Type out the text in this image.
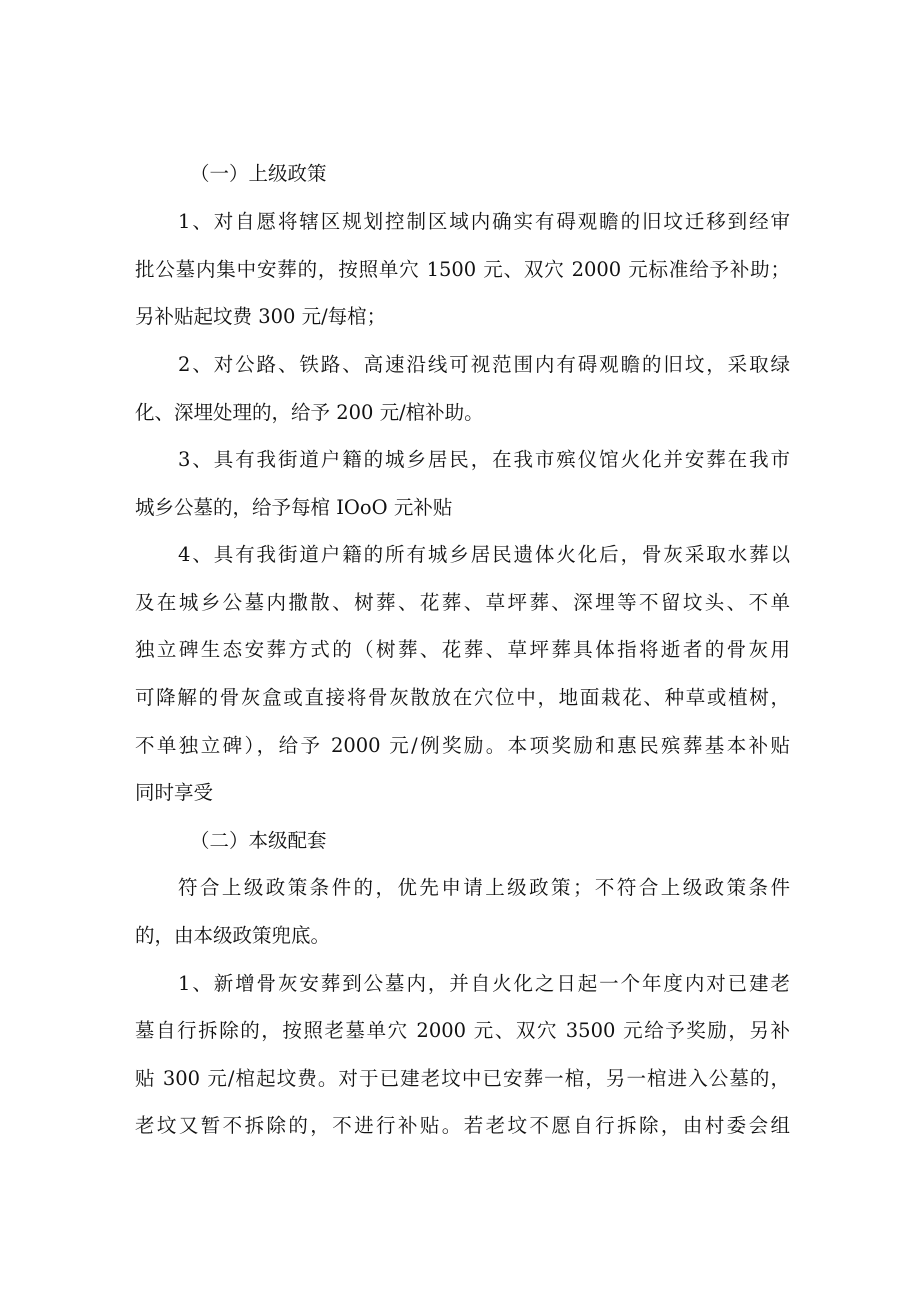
（一）上级政策
1、对自愿将辖区规划控制区域内确实有碍观瞻的旧坟迁移到经审
批公墓内集中安葬的，按照单穴 1500 元、双穴 2000 元标准给予补助；
另补贴起坟费 300 元/每棺；
2、对公路、铁路、高速沿线可视范围内有碍观瞻的旧坟，采取绿
化、深埋处理的，给予 200 元/棺补助。
3、具有我街道户籍的城乡居民，在我市殡仪馆火化并安葬在我市
城乡公墓的，给予每棺 IOoO 元补贴
4、具有我街道户籍的所有城乡居民遗体火化后，骨灰采取水葬以
及在城乡公墓内撒散、树葬、花葬、草坪葬、深埋等不留坟头、不单
独立碑生态安葬方式的（树葬、花葬、草坪葬具体指将逝者的骨灰用
可降解的骨灰盒或直接将骨灰散放在穴位中，地面栽花、种草或植树，
不单独立碑），给予 2000 元/例奖励。本项奖励和惠民殡葬基本补贴
同时享受
（二）本级配套
符合上级政策条件的，优先申请上级政策；不符合上级政策条件
的，由本级政策兜底。
1、新增骨灰安葬到公墓内，并自火化之日起一个年度内对已建老
墓自行拆除的，按照老墓单穴 2000 元、双穴 3500 元给予奖励，另补
贴 300 元/棺起坟费。对于已建老坟中已安葬一棺，另一棺进入公墓的，
老坟又暂不拆除的，不进行补贴。若老坟不愿自行拆除，由村委会组
